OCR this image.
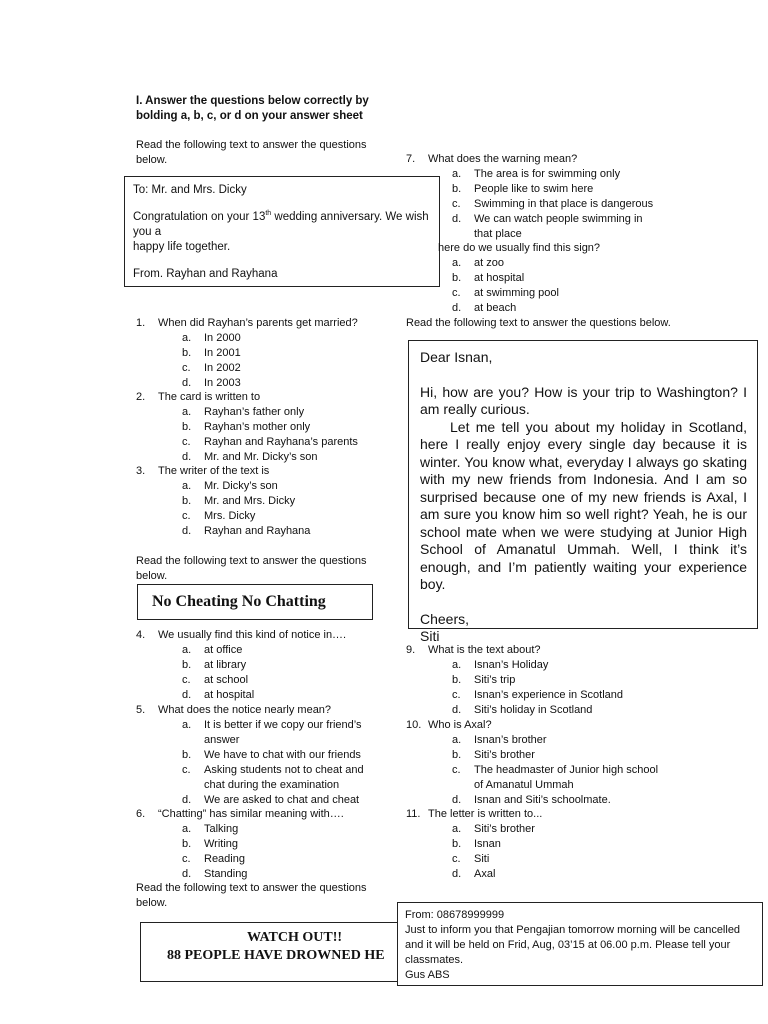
I. Answer the questions below correctly by
bolding a, b, c, or d on your answer sheet
Read the following text to answer the questions
below.
To: Mr. and Mrs. Dicky
Congratulation on your 13th wedding anniversary. We wish you a
happy life together.
From. Rayhan and Rayhana
1. When did Rayhan’s parents get married?
a. In 2000
b. In 2001
c. In 2002
d. In 2003
2. The card is written to
a. Rayhan’s father only
b. Rayhan’s mother only
c. Rayhan and Rayhana’s parents
d. Mr. and Mr. Dicky’s son
3. The writer of the text is
a. Mr. Dicky’s son
b. Mr. and Mrs. Dicky
c. Mrs. Dicky
d. Rayhan and Rayhana
Read the following text to answer the questions
below.
No Cheating No Chatting
4. We usually find this kind of notice in….
a. at office
b. at library
c. at school
d. at hospital
5. What does the notice nearly mean?
a. It is better if we copy our friend’s answer
b. We have to chat with our friends
c. Asking students not to cheat and chat during the examination
d. We are asked to chat and cheat
6. “Chatting” has similar meaning with….
a. Talking
b. Writing
c. Reading
d. Standing
Read the following text to answer the questions
below.
WATCH OUT!!
88 PEOPLE HAVE DROWNED HE
7. What does the warning mean?
a. The area is for swimming only
b. People like to swim here
c. Swimming in that place is dangerous
d. We can watch people swimming in that place
here do we usually find this sign?
a. at zoo
b. at hospital
c. at swimming pool
d. at beach
Read the following text to answer the questions below.
Dear Isnan,
Hi, how are you? How is your trip to Washington? I am really curious.
Let me tell you about my holiday in Scotland, here I really enjoy every single day because it is winter. You know what, everyday I always go skating with my new friends from Indonesia. And I am so surprised because one of my new friends is Axal, I am sure you know him so well right? Yeah, he is our school mate when we were studying at Junior High School of Amanatul Ummah. Well, I think it’s enough, and I’m patiently waiting your experience boy.
Cheers,
Siti
9. What is the text about?
a. Isnan’s Holiday
b. Siti’s trip
c. Isnan’s experience in Scotland
d. Siti’s holiday in Scotland
10. Who is Axal?
a. Isnan’s brother
b. Siti’s brother
c. The headmaster of Junior high school of Amanatul Ummah
d. Isnan and Siti’s schoolmate.
11. The letter is written to...
a. Siti’s brother
b. Isnan
c. Siti
d. Axal
From: 08678999999
Just to inform you that Pengajian tomorrow morning will be cancelled
and it will be held on Frid, Aug, 03’15 at 06.00 p.m. Please tell your
classmates.
Gus ABS
